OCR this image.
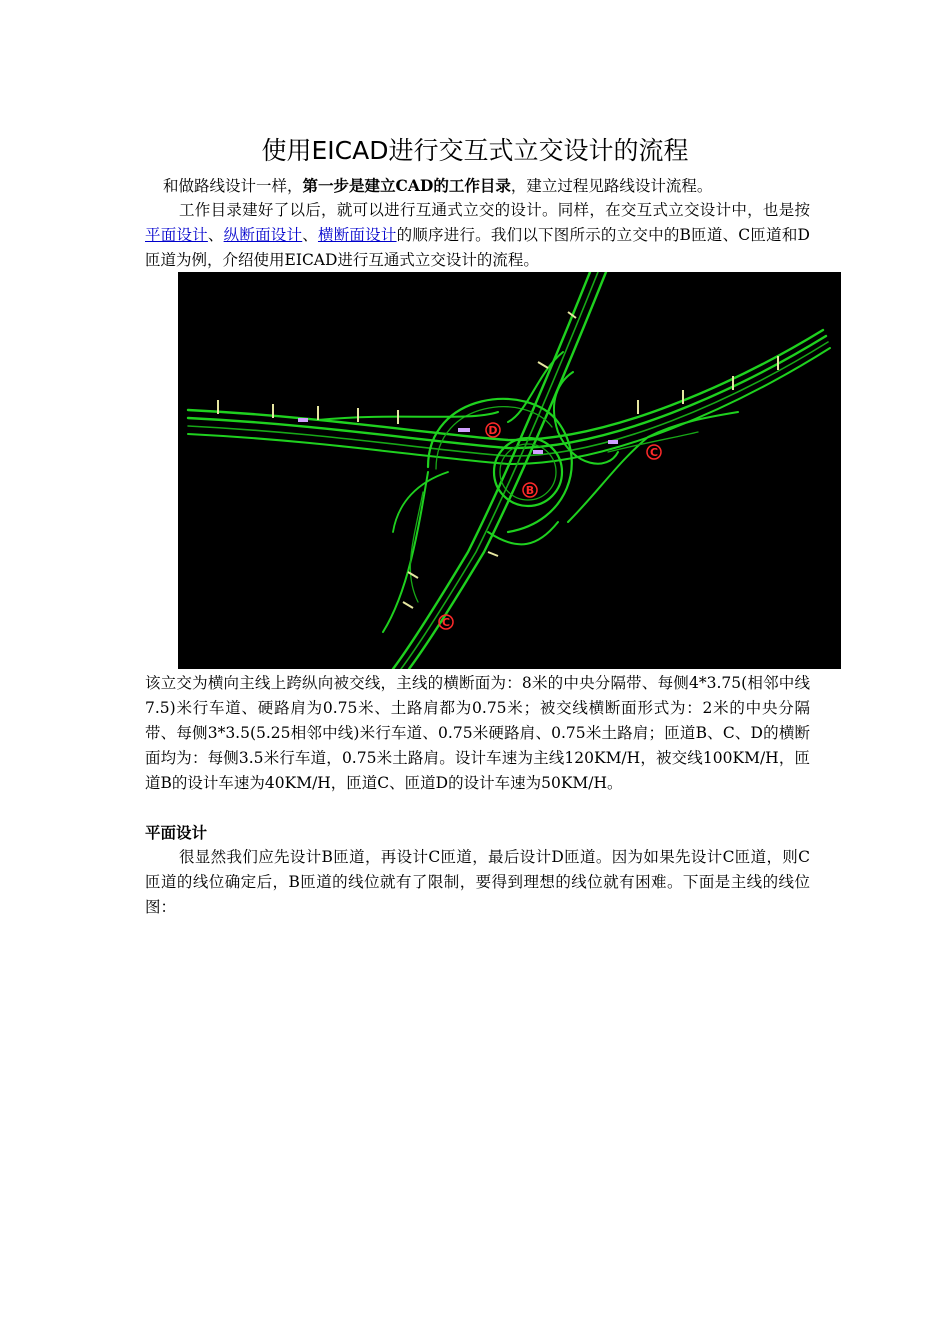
使用EICAD进行交互式立交设计的流程
和做路线设计一样，第一步是建立CAD的工作目录，建立过程见路线设计流程。
工作目录建好了以后，就可以进行互通式立交的设计。同样，在交互式立交设计中，也是按平面设计、纵断面设计、横断面设计的顺序进行。我们以下图所示的立交中的B匝道、C匝道和D匝道为例，介绍使用EICAD进行互通式立交设计的流程。
D
B
C
C
该立交为横向主线上跨纵向被交线，主线的横断面为：8米的中央分隔带、每侧4*3.75(相邻中线7.5)米行车道、硬路肩为0.75米、土路肩都为0.75米；被交线横断面形式为：2米的中央分隔带、每侧3*3.5(5.25相邻中线)米行车道、0.75米硬路肩、0.75米土路肩；匝道B、C、D的横断面均为：每侧3.5米行车道，0.75米土路肩。设计车速为主线120KM/H，被交线100KM/H，匝道B的设计车速为40KM/H，匝道C、匝道D的设计车速为50KM/H。
平面设计
很显然我们应先设计B匝道，再设计C匝道，最后设计D匝道。因为如果先设计C匝道，则C匝道的线位确定后，B匝道的线位就有了限制，要得到理想的线位就有困难。下面是主线的线位图：
